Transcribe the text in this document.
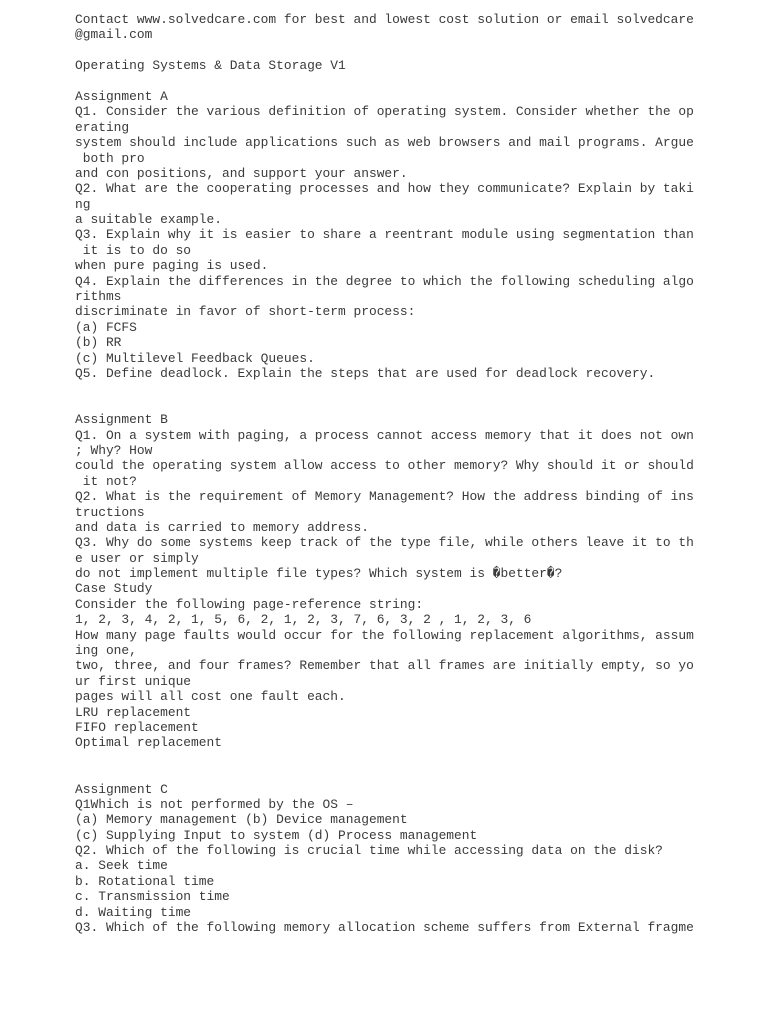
Contact www.solvedcare.com for best and lowest cost solution or email solvedcare
@gmail.com
Operating Systems & Data Storage V1
Assignment A
Q1. Consider the various definition of operating system. Consider whether the op
erating
system should include applications such as web browsers and mail programs. Argue
both pro
and con positions, and support your answer.
Q2. What are the cooperating processes and how they communicate? Explain by taki
ng
a suitable example.
Q3. Explain why it is easier to share a reentrant module using segmentation than
it is to do so
when pure paging is used.
Q4. Explain the differences in the degree to which the following scheduling algo
rithms
discriminate in favor of short-term process:
(a) FCFS
(b) RR
(c) Multilevel Feedback Queues.
Q5. Define deadlock. Explain the steps that are used for deadlock recovery.
Assignment B
Q1. On a system with paging, a process cannot access memory that it does not own
; Why? How
could the operating system allow access to other memory? Why should it or should
it not?
Q2. What is the requirement of Memory Management? How the address binding of ins
tructions
and data is carried to memory address.
Q3. Why do some systems keep track of the type file, while others leave it to th
e user or simply
do not implement multiple file types? Which system is �better�?
Case Study
Consider the following page-reference string:
1, 2, 3, 4, 2, 1, 5, 6, 2, 1, 2, 3, 7, 6, 3, 2 , 1, 2, 3, 6
How many page faults would occur for the following replacement algorithms, assum
ing one,
two, three, and four frames? Remember that all frames are initially empty, so yo
ur first unique
pages will all cost one fault each.
LRU replacement
FIFO replacement
Optimal replacement
Assignment C
Q1Which is not performed by the OS –
(a) Memory management (b) Device management
(c) Supplying Input to system (d) Process management
Q2. Which of the following is crucial time while accessing data on the disk?
a. Seek time
b. Rotational time
c. Transmission time
d. Waiting time
Q3. Which of the following memory allocation scheme suffers from External fragme
